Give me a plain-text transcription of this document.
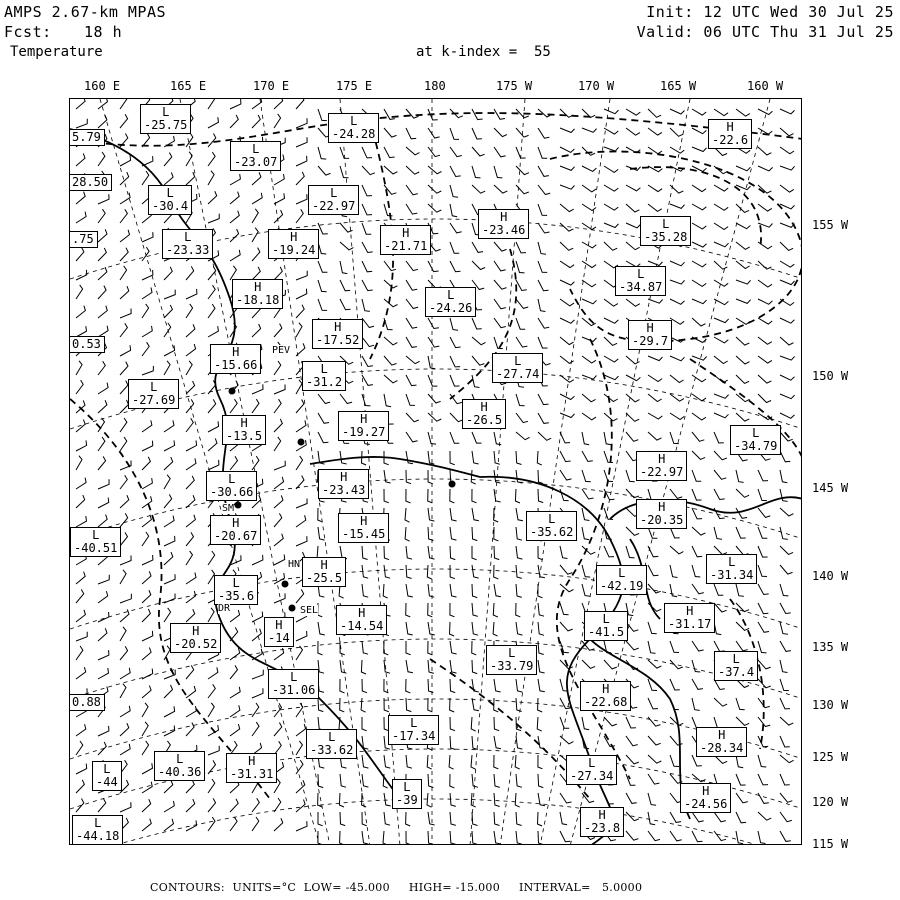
AMPS 2.67-km MPAS
Fcst: 18 h
Temperature	at k-index =  55
Init: 12 UTC Wed 30 Jul 25
Valid: 06 UTC Thu 31 Jul 25
160 E	165 E	170 E	175 E	180	175 W	170 W	165 W	160 W
155 W
150 W
145 W
140 W
135 W
130 W
125 W
120 W
115 W
L
-25.75	L
-24.28	H
-22.6
L
-23.07
L
-30.4
L
-22.97
H
-23.46
L
-23.33
H
-19.24
H
-21.71
L
-35.28
L
-34.87
H
-18.18	L
-24.26
H
-29.7
H
-17.52
H
-15.66	L
-27.74
L
-31.2
L
-27.69	H
-26.5
H
-19.27
H
-13.5	L
-34.79
H
-22.97
L
-30.66
H
-23.43
H
-20.35
H
-20.67
H
-15.45
L
-35.62
L
-40.51
L
-31.34
H
-25.5	L
-42.19
L
-35.6
H
-14.54
H
-31.17
H
-20.52
H
-14
L
-41.5
L
-33.79	L
-37.4
L
-31.06	H
-22.68
L
-17.34
L
-33.62
H
-28.34
L
-40.36
H
-31.31
L
-44
L
-27.34
L
-39
H
-24.56
L
-44.18
H
-23.8
5.79
28.50
.75
0.53
0.88
PEV
SEL
HN
DR
SM
CONTOURS:  UNITS=°C  LOW= -45.000     HIGH= -15.000     INTERVAL=   5.0000
